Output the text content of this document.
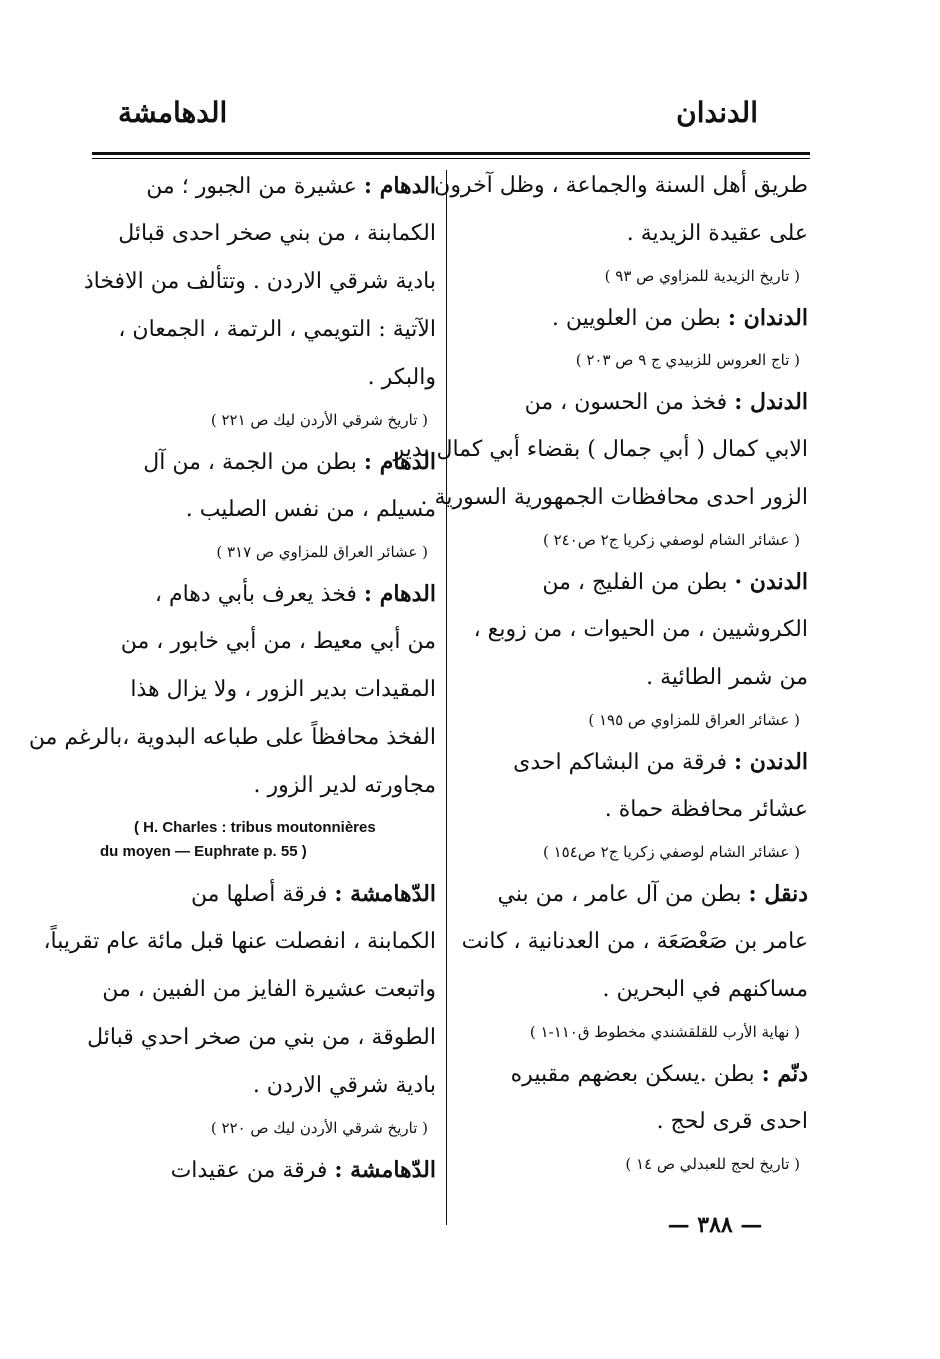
الدندان
الدهامشة
طريق أهل السنة والجماعة ، وظل آخرون
على عقيدة الزيدية .
( تاريخ الزيدية للمزاوي ص ٩٣ )
الدندان : بطن من العلويين .
( تاج العروس للزبيدي ج ٩ ص ٢٠٣ )
الدندل : فخذ من الحسون ، من
الابي كمال ( أبي جمال ) بقضاء أبي كمال بدير
الزور احدى محافظات الجمهورية السورية .
( عشائر الشام لوصفي زكريا ج٢ ص٢٤٠ )
الدندن · بطن من الفليج ، من
الكروشيين ، من الحيوات ، من زوبع ،
من شمر الطائية .
( عشائر العراق للمزاوي ص ١٩٥ )
الدندن : فرقة من البشاكم احدى
عشائر محافظة حماة .
( عشائر الشام لوصفي زكريا ج٢ ص١٥٤ )
دنقل : بطن من آل عامر ، من بني
عامر بن صَعْصَعَة ، من العدنانية ، كانت
مساكنهم في البحرين .
( نهاية الأرب للقلقشندي مخطوط ق١١٠-١ )
دنّم : بطن .يسكن بعضهم مقبيره
احدى قرى لحج .
( تاريخ لحج للعبدلي ص ١٤ )
الدهام : عشيرة من الجبور ؛ من
الكمابنة ، من بني صخر احدى قبائل
بادية شرقي الاردن . وتتألف من الافخاذ
الآتية : التويمي ، الرتمة ، الجمعان ،
والبكر .
( تاريخ شرقي الأردن ليك ص ٢٢١ )
الدهام : بطن من الجمة ، من آل
مسيلم ، من نفس الصليب .
( عشائر العراق للمزاوي ص ٣١٧ )
الدهام : فخذ يعرف بأبي دهام ،
من أبي معيط ، من أبي خابور ، من
المقيدات بدير الزور ، ولا يزال هذا
الفخذ محافظاً على طباعه البدوية ،بالرغم من
مجاورته لدير الزور .
( H. Charles : tribus moutonnières
du moyen — Euphrate p. 55 )
الدّهامشة : فرقة أصلها من
الكمابنة ، انفصلت عنها قبل مائة عام تقريباً،
واتبعت عشيرة الفايز من الفبين ، من
الطوقة ، من بني من صخر احدي قبائل
بادية شرقي الاردن .
( تاريخ شرقي الأردن ليك ص ٢٢٠ )
الدّهامشة : فرقة من عقيدات
— ٣٨٨ —
